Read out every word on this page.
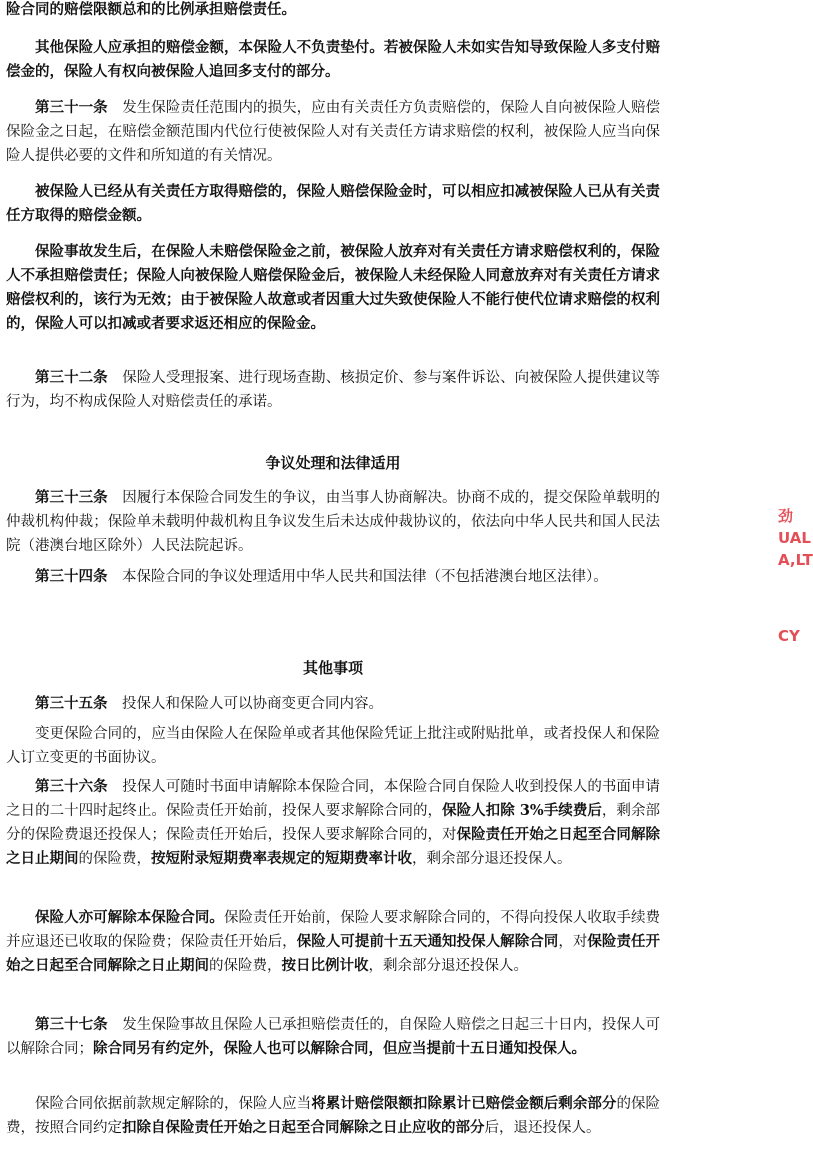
险合同的赔偿限额总和的比例承担赔偿责任。

其他保险人应承担的赔偿金额，本保险人不负责垫付。若被保险人未如实告知导致保险人多支付赔偿金的，保险人有权向被保险人追回多支付的部分。

第三十一条　发生保险责任范围内的损失，应由有关责任方负责赔偿的，保险人自向被保险人赔偿保险金之日起，在赔偿金额范围内代位行使被保险人对有关责任方请求赔偿的权利，被保险人应当向保险人提供必要的文件和所知道的有关情况。

被保险人已经从有关责任方取得赔偿的，保险人赔偿保险金时，可以相应扣减被保险人已从有关责任方取得的赔偿金额。

保险事故发生后，在保险人未赔偿保险金之前，被保险人放弃对有关责任方请求赔偿权利的，保险人不承担赔偿责任；保险人向被保险人赔偿保险金后，被保险人未经保险人同意放弃对有关责任方请求赔偿权利的，该行为无效；由于被保险人故意或者因重大过失致使保险人不能行使代位请求赔偿的权利的，保险人可以扣减或者要求返还相应的保险金。

第三十二条　保险人受理报案、进行现场查勘、核损定价、参与案件诉讼、向被保险人提供建议等行为，均不构成保险人对赔偿责任的承诺。

争议处理和法律适用

第三十三条　因履行本保险合同发生的争议，由当事人协商解决。协商不成的，提交保险单载明的仲裁机构仲裁；保险单未载明仲裁机构且争议发生后未达成仲裁协议的，依法向中华人民共和国人民法院（港澳台地区除外）人民法院起诉。

第三十四条　本保险合同的争议处理适用中华人民共和国法律（不包括港澳台地区法律）。

其他事项

第三十五条　投保人和保险人可以协商变更合同内容。

变更保险合同的，应当由保险人在保险单或者其他保险凭证上批注或附贴批单，或者投保人和保险人订立变更的书面协议。

第三十六条　投保人可随时书面申请解除本保险合同，本保险合同自保险人收到投保人的书面申请之日的二十四时起终止。保险责任开始前，投保人要求解除合同的，保险人扣除 3%手续费后，剩余部分的保险费退还投保人；保险责任开始后，投保人要求解除合同的，对保险责任开始之日起至合同解除之日止期间的保险费，按短附录短期费率表规定的短期费率计收，剩余部分退还投保人。

保险人亦可解除本保险合同。保险责任开始前，保险人要求解除合同的，不得向投保人收取手续费并应退还已收取的保险费；保险责任开始后，保险人可提前十五天通知投保人解除合同，对保险责任开始之日起至合同解除之日止期间的保险费，按日比例计收，剩余部分退还投保人。

第三十七条　发生保险事故且保险人已承担赔偿责任的，自保险人赔偿之日起三十日内，投保人可以解除合同；除合同另有约定外，保险人也可以解除合同，但应当提前十五日通知投保人。

保险合同依据前款规定解除的，保险人应当将累计赔偿限额扣除累计已赔偿金额后剩余部分的保险费，按照合同约定扣除自保险责任开始之日起至合同解除之日止应收的部分后，退还投保人。

劲
UAL
A,LT
CY
